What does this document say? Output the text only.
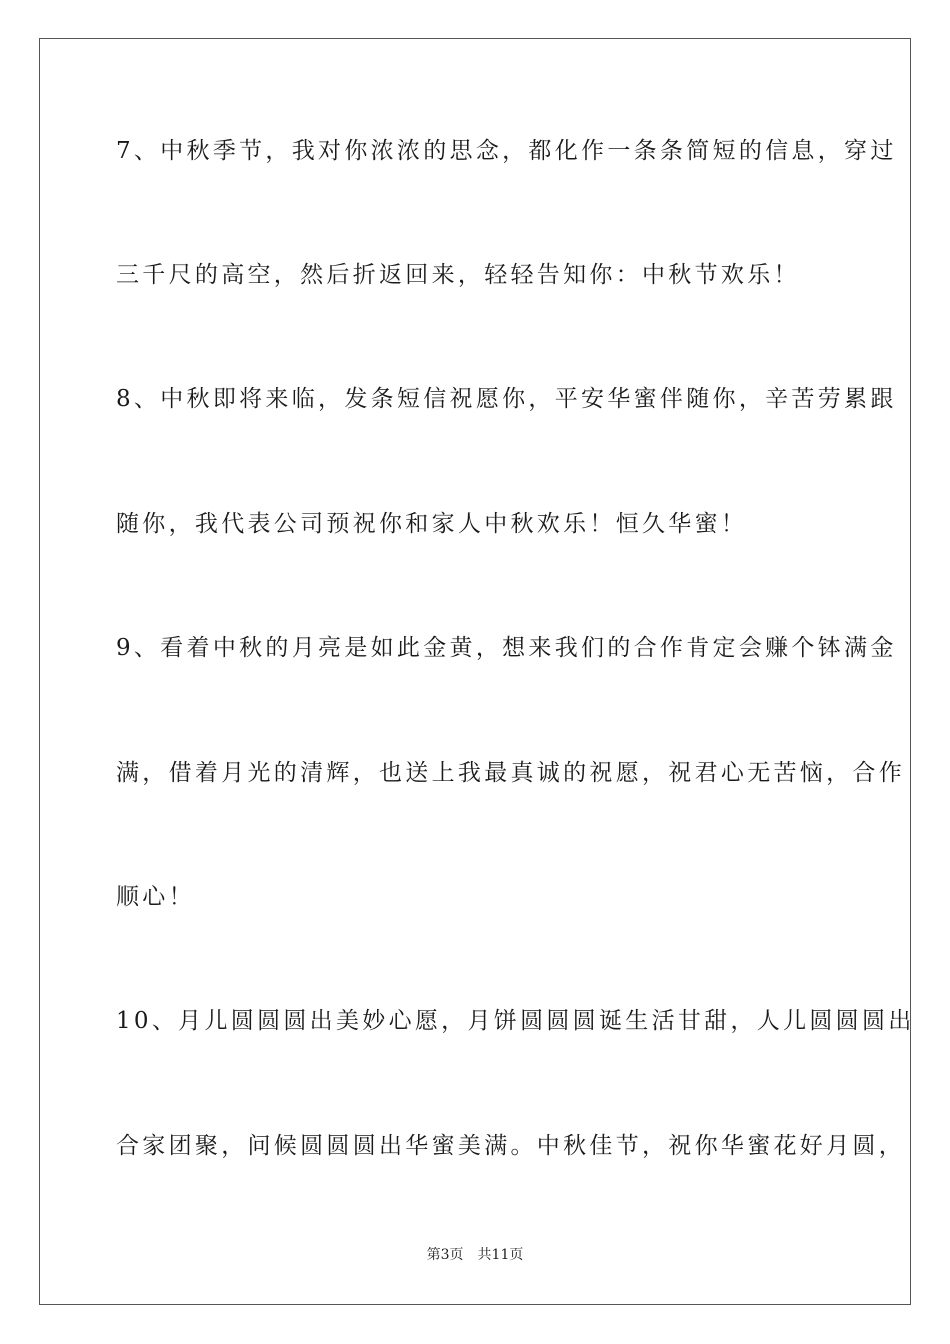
7、中秋季节，我对你浓浓的思念，都化作一条条简短的信息，穿过
三千尺的高空，然后折返回来，轻轻告知你：中秋节欢乐！
8、中秋即将来临，发条短信祝愿你，平安华蜜伴随你，辛苦劳累跟
随你，我代表公司预祝你和家人中秋欢乐！恒久华蜜！
9、看着中秋的月亮是如此金黄，想来我们的合作肯定会赚个钵满金
满，借着月光的清辉，也送上我最真诚的祝愿，祝君心无苦恼，合作
顺心！
10、月儿圆圆圆出美妙心愿，月饼圆圆圆诞生活甘甜，人儿圆圆圆出
合家团聚，问候圆圆圆出华蜜美满。中秋佳节，祝你华蜜花好月圆，
第3页 共11页
